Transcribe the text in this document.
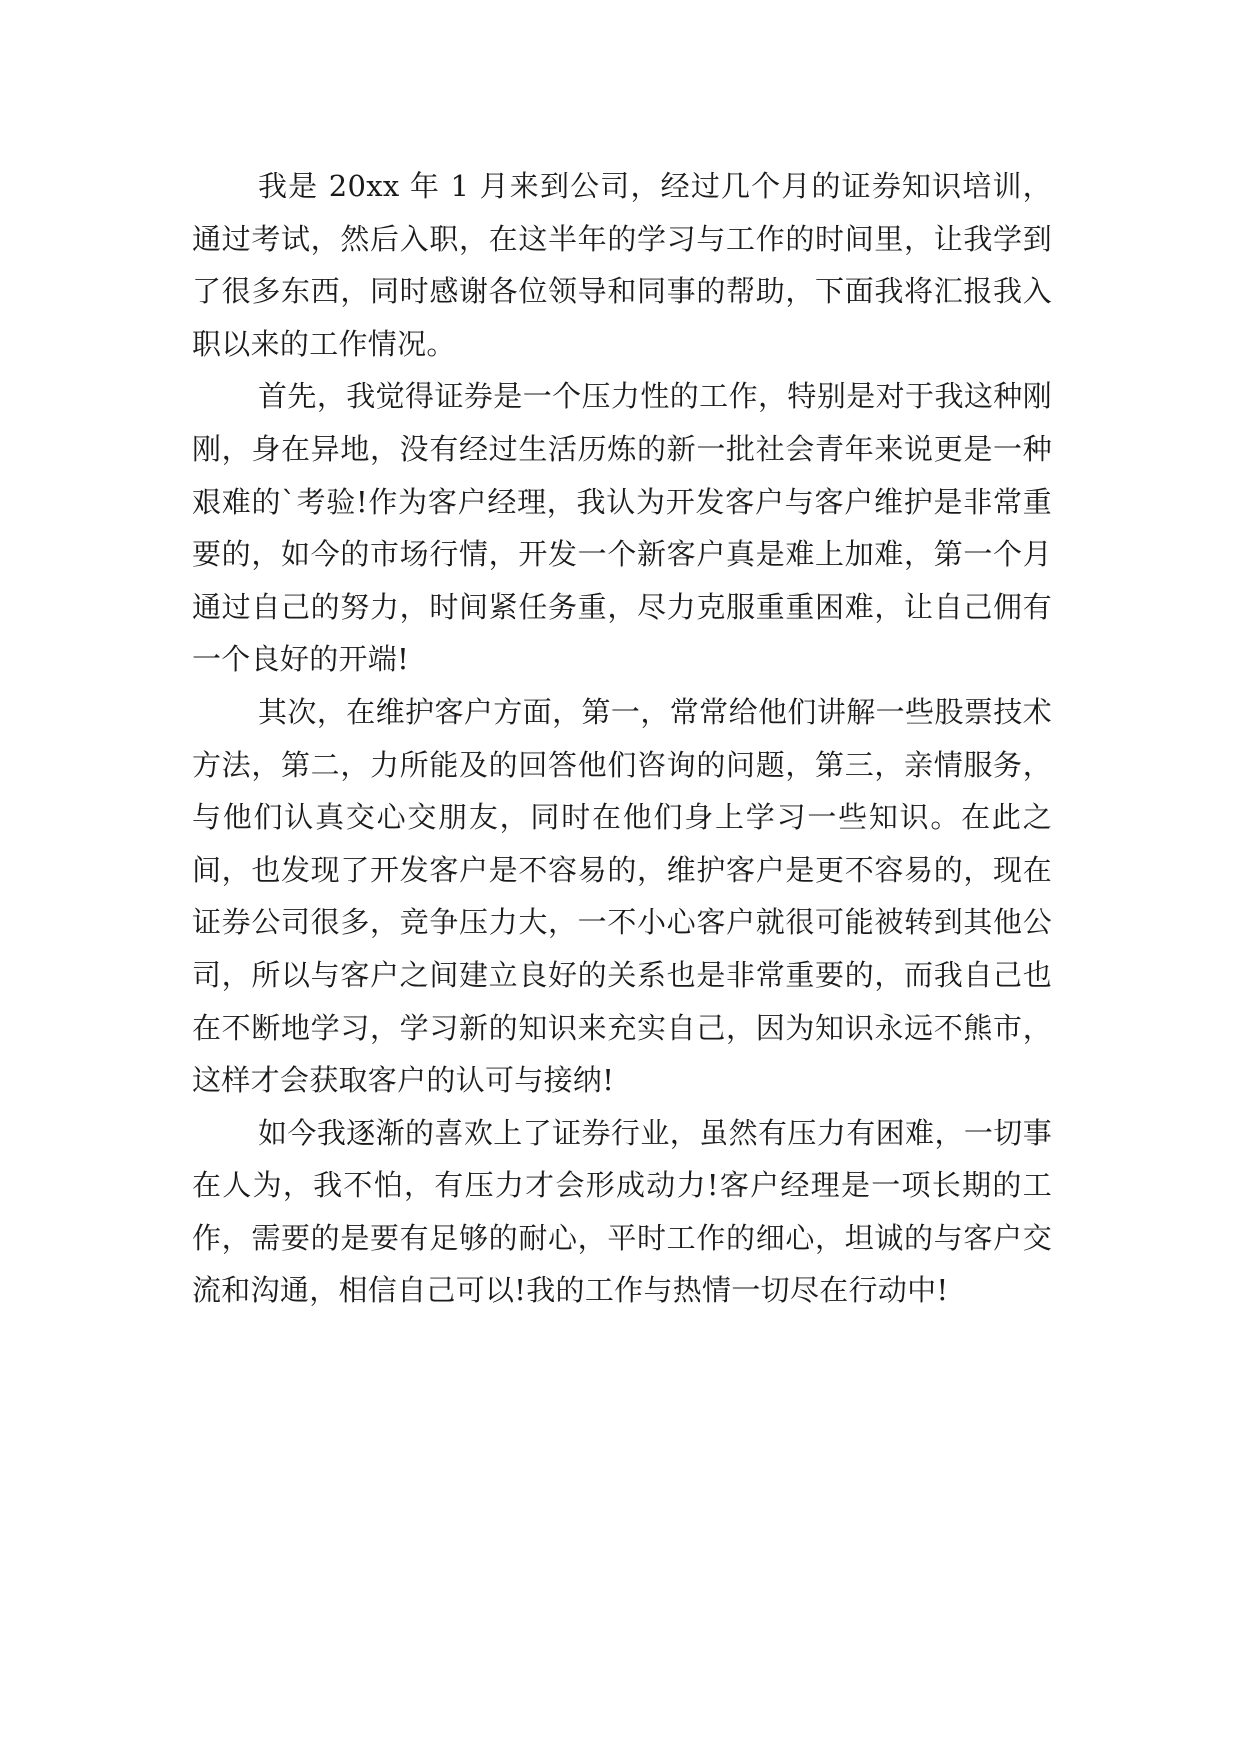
我是 20xx 年 1 月来到公司，经过几个月的证券知识培训，通过考试，然后入职，在这半年的学习与工作的时间里，让我学到了很多东西，同时感谢各位领导和同事的帮助，下面我将汇报我入职以来的工作情况。

首先，我觉得证券是一个压力性的工作，特别是对于我这种刚刚，身在异地，没有经过生活历炼的新一批社会青年来说更是一种艰难的`考验!作为客户经理，我认为开发客户与客户维护是非常重要的，如今的市场行情，开发一个新客户真是难上加难，第一个月通过自己的努力，时间紧任务重，尽力克服重重困难，让自己佣有一个良好的开端!

其次，在维护客户方面，第一，常常给他们讲解一些股票技术方法，第二，力所能及的回答他们咨询的问题，第三，亲情服务，与他们认真交心交朋友，同时在他们身上学习一些知识。在此之间，也发现了开发客户是不容易的，维护客户是更不容易的，现在证券公司很多，竞争压力大，一不小心客户就很可能被转到其他公司，所以与客户之间建立良好的关系也是非常重要的，而我自己也在不断地学习，学习新的知识来充实自己，因为知识永远不熊市，这样才会获取客户的认可与接纳!

如今我逐渐的喜欢上了证券行业，虽然有压力有困难，一切事在人为，我不怕，有压力才会形成动力!客户经理是一项长期的工作，需要的是要有足够的耐心，平时工作的细心，坦诚的与客户交流和沟通，相信自己可以!我的工作与热情一切尽在行动中!
